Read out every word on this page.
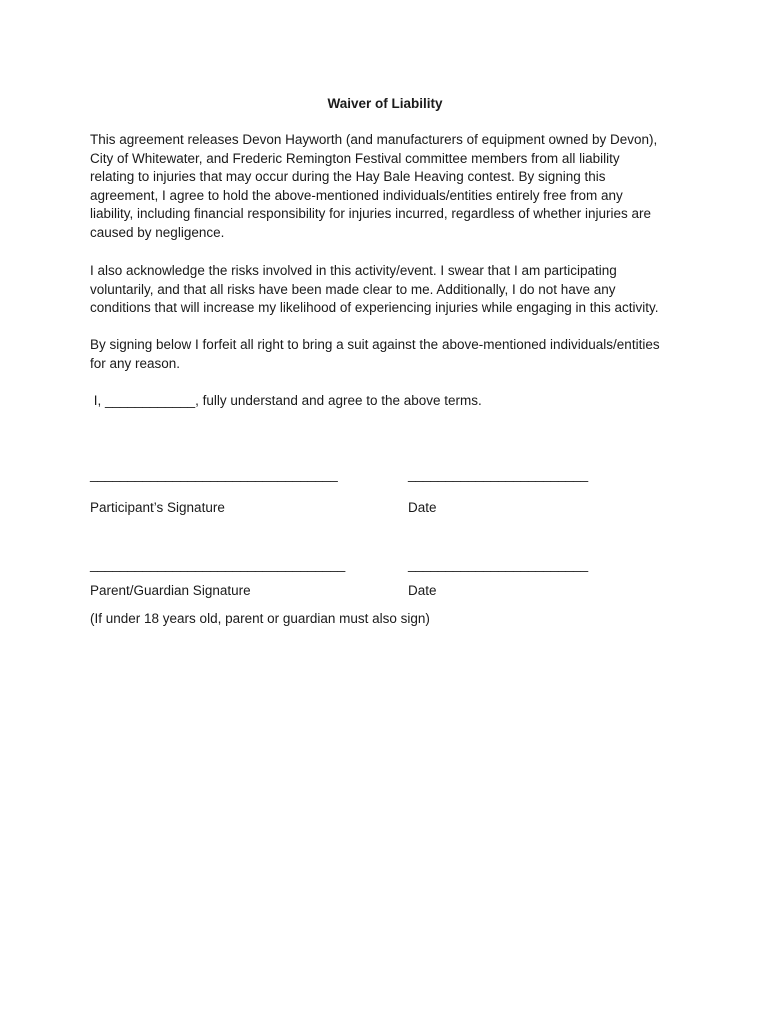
Waiver of Liability

This agreement releases Devon Hayworth (and manufacturers of equipment owned by Devon),
City of Whitewater, and Frederic Remington Festival committee members from all liability
relating to injuries that may occur during the Hay Bale Heaving contest. By signing this
agreement, I agree to hold the above-mentioned individuals/entities entirely free from any
liability, including financial responsibility for injuries incurred, regardless of whether injuries are
caused by negligence.

I also acknowledge the risks involved in this activity/event. I swear that I am participating
voluntarily, and that all risks have been made clear to me. Additionally, I do not have any
conditions that will increase my likelihood of experiencing injuries while engaging in this activity.

By signing below I forfeit all right to bring a suit against the above-mentioned individuals/entities
for any reason.

I, ____________, fully understand and agree to the above terms.
_________________________________	________________________
Participant’s Signature	Date
__________________________________	________________________
Parent/Guardian Signature	Date
(If under 18 years old, parent or guardian must also sign)
